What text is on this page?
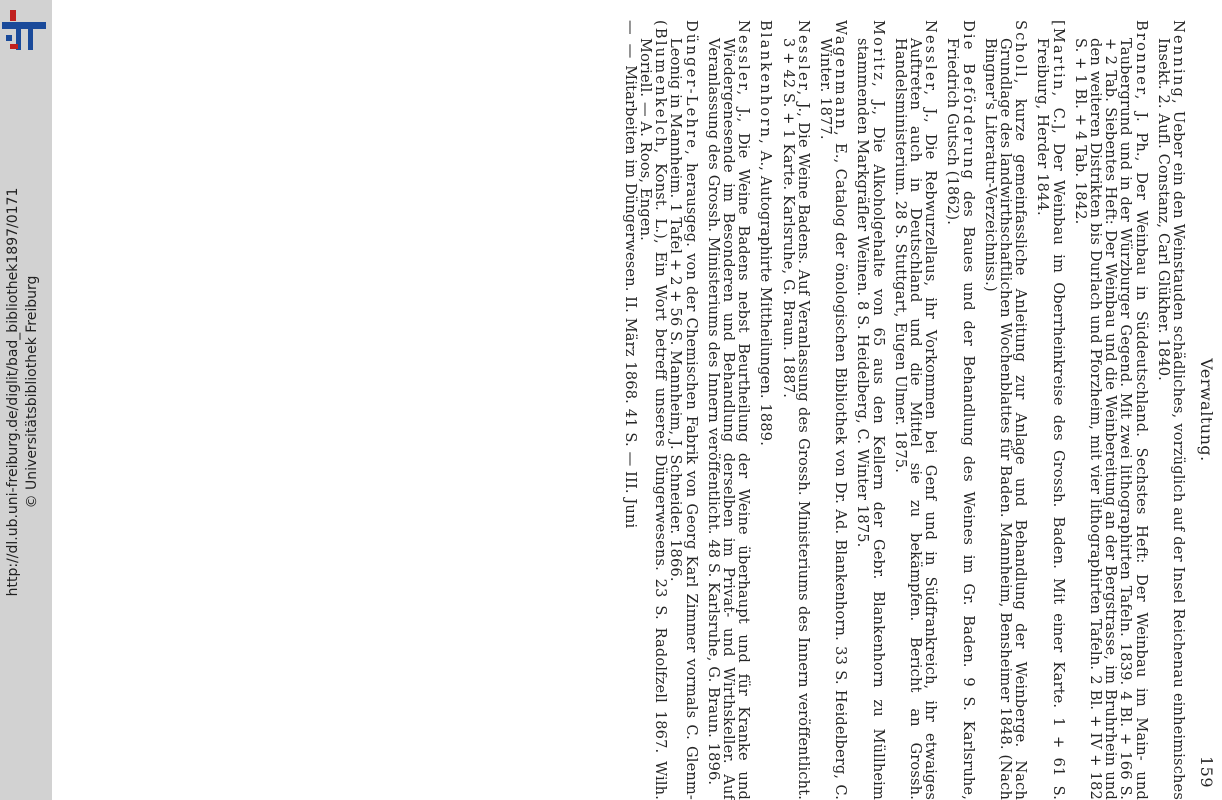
http://dl.ub.uni-freiburg.de/diglit/bad_bibliothek1897/0171 © Universitätsbibliothek Freiburg	Verwaltung.
159
Nenning, Ueber ein den Weinstauden schädliches, vorzüglich auf der Insel Reichenau einheimisches Insekt. 2. Aufl. Constanz, Carl Glükher. 1840.
Bronner, J. Ph., Der Weinbau in Süddeutschland. Sechstes Heft: Der Weinbau im Main- und Taubergrund und in der Würzburger Gegend. Mit zwei lithographirten Tafeln. 1839. 4 Bl. + 166 S. + 2 Tab. Siebentes Heft: Der Weinbau und die Weinbereitung an der Bergstrasse, im Bruhrhein und den weiteren Distrikten bis Durlach und Pforzheim, mit vier lithographirten Tafeln. 2 Bl. + IV + 182 S. + 1 Bl. + 4 Tab. 1842.
[Martin, C.], Der Weinbau im Oberrheinkreise des Grossh. Baden. Mit einer Karte. 1 + 61 S. Freiburg, Herder 1844.
Scholl, kurze gemeinfassliche Anleitung zur Anlage und Behandlung der Weinberge. Nach Grundlage des landwirthschaftlichen Wochenblattes für Baden. Mannheim, Bensheimer 1848. (Nach Bingner's Literatur-Verzeichniss.)
Die Beförderung des Baues und der Behandlung des Weines im Gr. Baden. 9 S. Karlsruhe, Friedrich Gutsch (1862).
Nessler, J., Die Rebwurzellaus, ihr Vorkommen bei Genf und in Südfrankreich, ihr etwaiges Auftreten auch in Deutschland und die Mittel sie zu bekämpfen. Bericht an Grossh. Handelsministerium. 28 S. Stuttgart, Eugen Ulmer. 1875.
Moritz, J., Die Alkoholgehalte von 65 aus den Kellern der Gebr. Blankenhorn zu Müllheim stammenden Markgräfler Weinen. 8 S. Heidelberg, C. Winter 1875.
Wagenmann, E., Catalog der önologischen Bibliothek von Dr. Ad. Blankenhorn. 33 S. Heidelberg, C. Winter. 1877.
Nessler, J., Die Weine Badens. Auf Veranlassung des Grossh. Ministeriums des Innern veröffentlicht. 3 + 42 S. + 1 Karte. Karlsruhe, G. Braun. 1887.
Blankenhorn, A., Autographirte Mittheilungen. 1889.
Nessler, J., Die Weine Badens nebst Beurtheilung der Weine überhaupt und für Kranke und Wiedergenesende im Besonderen und Behandlung derselben im Privat- und Wirthskeller. Auf Veranlassung des Grossh. Ministeriums des Innern veröffentlicht. 48 S. Karlsruhe, G. Braun. 1896.
Dünger-Lehre, herausgeg. von der Chemischen Fabrik von Georg Karl Zimmer vormals C. Glenm-Leonig in Mannheim. 1 Tafel + 2 + 56 S. Mannheim, J. Schneider. 1866.
(Blumenkelch, Konst. L.), Ein Wort betreff unseres Düngerwesens. 23 S. Radolfzell 1867. Wilh. Moriell. — A. Roos, Engen.
— — Mitarbeiten im Düngerwesen. II. März 1868. 41 S. — III. Juni
